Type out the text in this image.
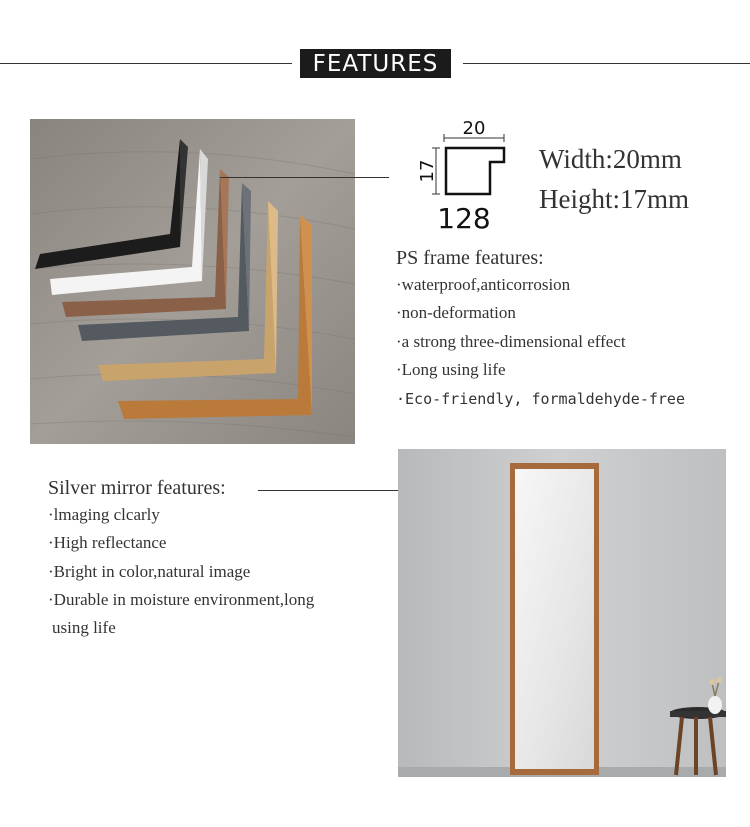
FEATURES
20
17
128
Width:20mm
Height:17mm
PS frame features:
·waterproof,anticorrosion
·non-deformation
·a strong three-dimensional effect
·Long using life
·Eco-friendly, formaldehyde-free
Silver mirror features:
·lmaging clcarly
·High reflectance
·Bright in color,natural image
·Durable in moisture environment,long
using life
